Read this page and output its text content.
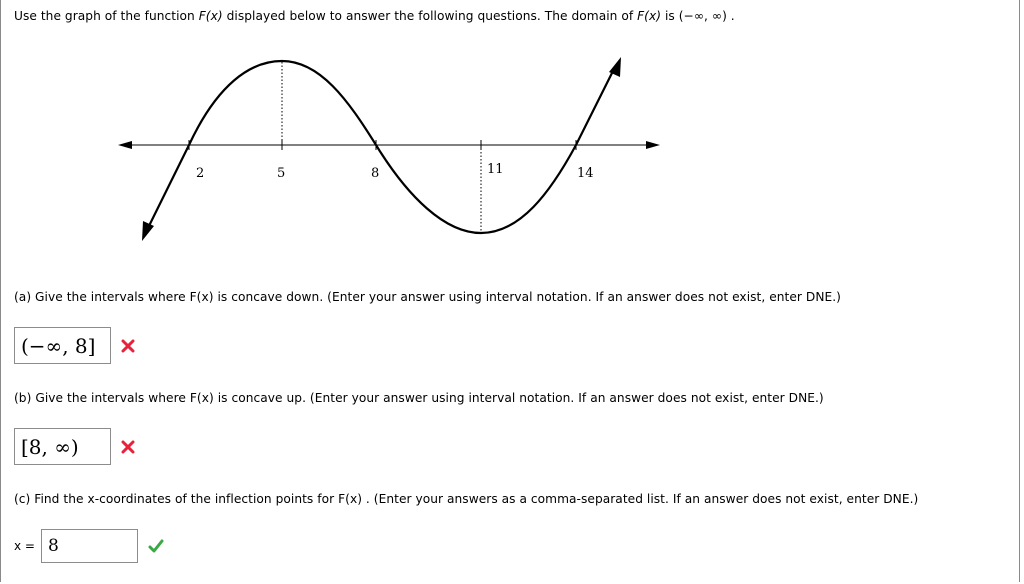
Use the graph of the function F(x) displayed below to answer the following questions. The domain of F(x) is (−∞, ∞) .
2	5	8	11	14
(a) Give the intervals where F(x) is concave down. (Enter your answer using interval notation. If an answer does not exist, enter DNE.)
(−∞, 8]
(b) Give the intervals where F(x) is concave up. (Enter your answer using interval notation. If an answer does not exist, enter DNE.)
[8, ∞)
(c) Find the x-coordinates of the inflection points for F(x) . (Enter your answers as a comma-separated list. If an answer does not exist, enter DNE.)
x = 8
